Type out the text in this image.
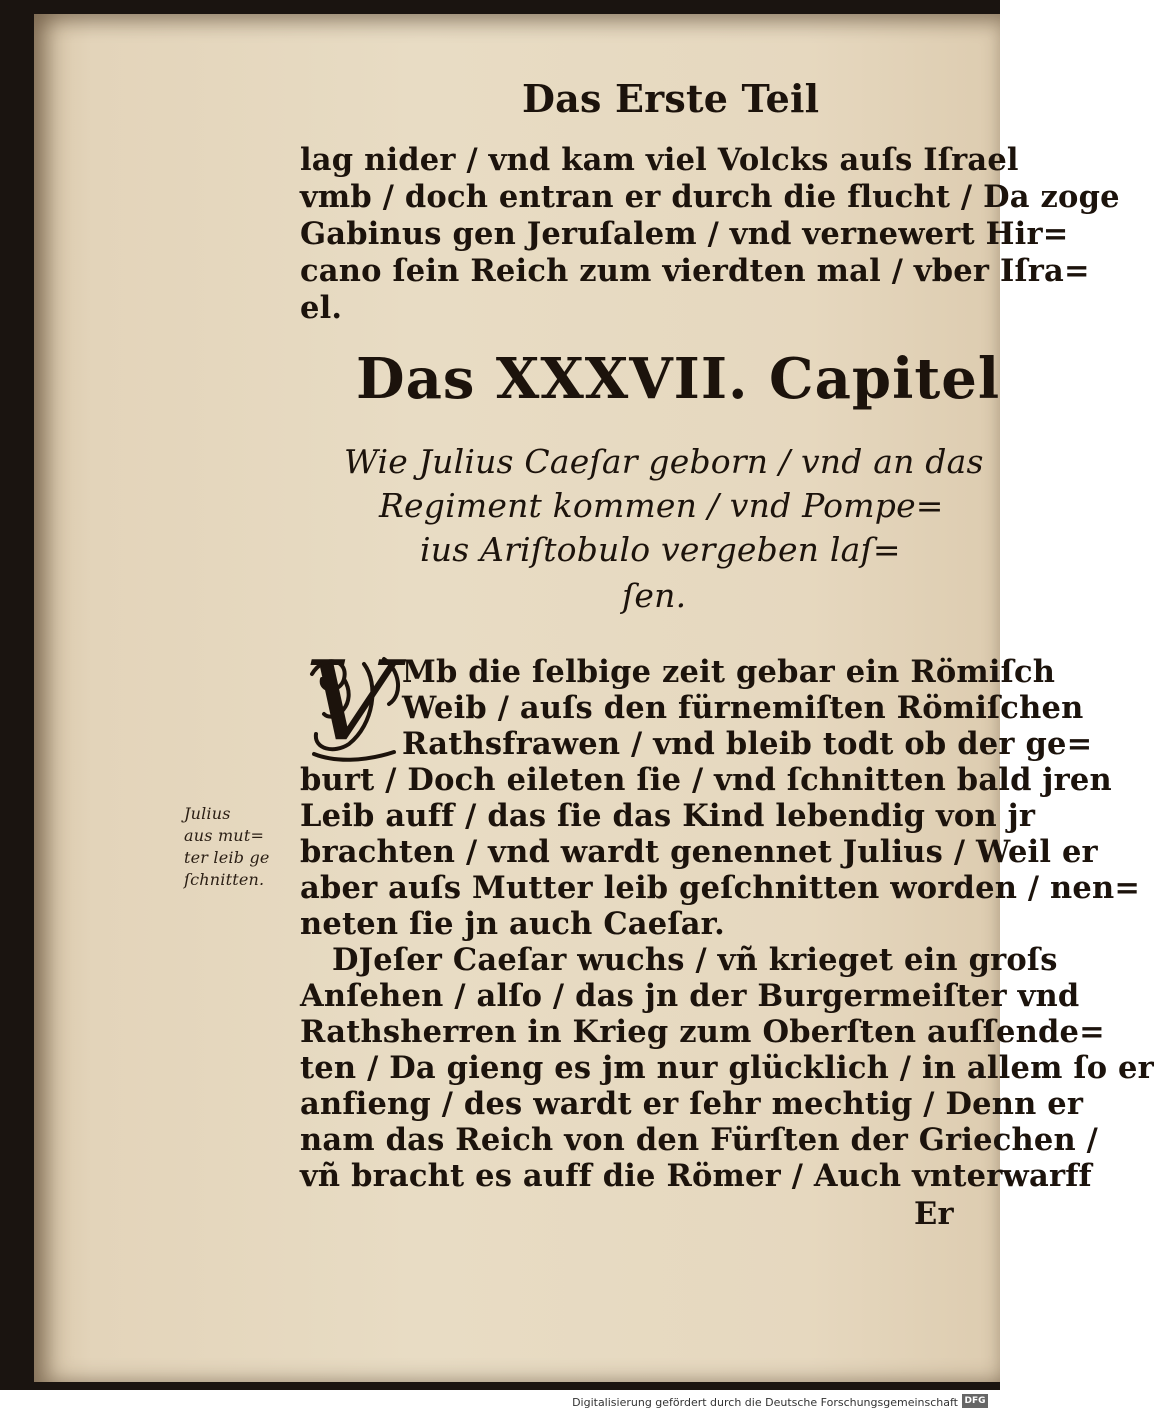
Das Erste Teil
lag nider / vnd kam viel Volcks auſs Iſrael
vmb / doch entran er durch die flucht / Da zoge
Gabinus gen Jeruſalem / vnd vernewert Hir=
cano ſein Reich zum vierdten mal / vber Iſra=
el.
Das XXXVII. Capitel
Wie Julius Caeſar geborn / vnd an das
Regiment kommen / vnd Pompe=
ius Ariſtobulo vergeben laſ=
ſen.
V Mb die ſelbige zeit gebar ein Römiſch
Weib / auſs den fürnemiſten Römiſchen
Rathsfrawen / vnd bleib todt ob der ge=
burt / Doch eileten ſie / vnd ſchnitten bald jren
Leib auff / das ſie das Kind lebendig von jr
brachten / vnd wardt genennet Julius / Weil er
aber auſs Mutter leib geſchnitten worden / nen=
neten ſie jn auch Caeſar.
DJeſer Caeſar wuchs / vñ krieget ein groſs
Anſehen / alſo / das jn der Burgermeiſter vnd
Rathsherren in Krieg zum Oberſten auſſende=
ten / Da gieng es jm nur glücklich / in allem ſo er
anfieng / des wardt er ſehr mechtig / Denn er
nam das Reich von den Fürſten der Griechen /
vñ bracht es auff die Römer / Auch vnterwarff
Er
Julius
aus mut=
ter leib ge
ſchnitten.
Digitalisierung gefördert durch die Deutsche Forschungsgemeinschaft DFG
